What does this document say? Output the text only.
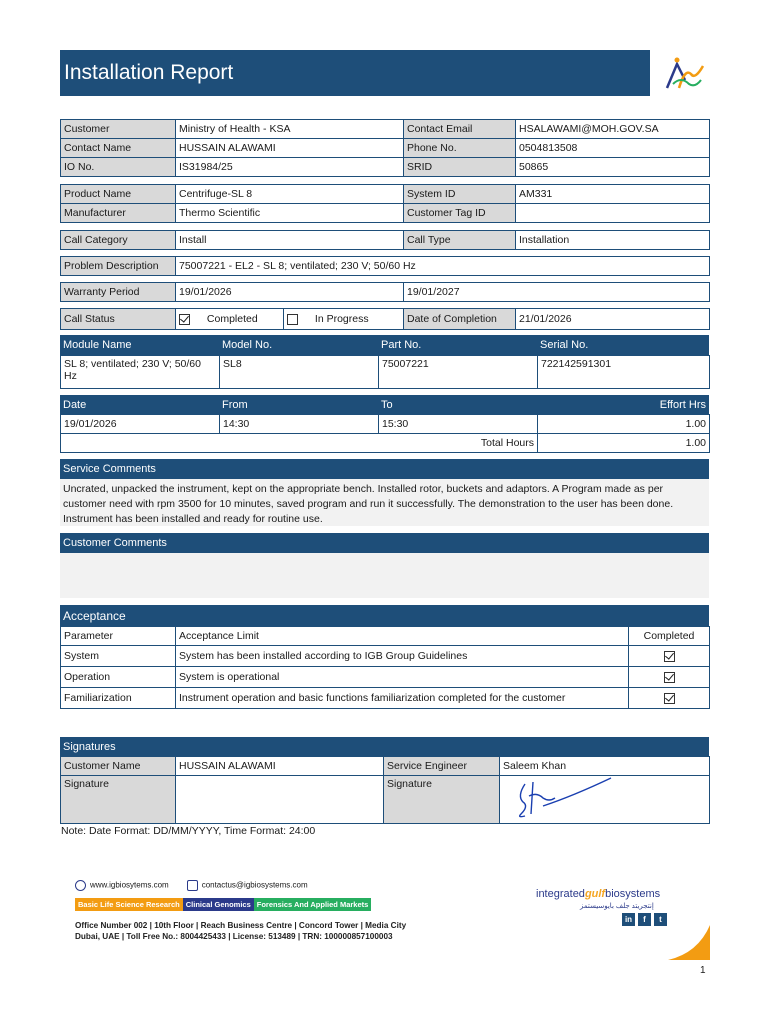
Installation Report
Customer	Ministry of Health - KSA	Contact Email	HSALAWAMI@MOH.GOV.SA
Contact Name	HUSSAIN ALAWAMI	Phone No.	0504813508
IO No.	IS31984/25	SRID	50865
Product Name	Centrifuge-SL 8	System ID	AM331
Manufacturer	Thermo Scientific	Customer Tag ID	
Call Category	Install	Call Type	Installation
Problem Description	75007221 - EL2 - SL 8; ventilated; 230 V; 50/60 Hz
Warranty Period	19/01/2026	19/01/2027
Call Status	Completed	In Progress	Date of Completion	21/01/2026
Module Name	Model No.	Part No.	Serial No.
SL 8; ventilated; 230 V; 50/60 Hz	SL8	75007221	722142591301
Date	From	To	Effort Hrs
19/01/2026	14:30	15:30	1.00
Total Hours			1.00
Service Comments
Uncrated, unpacked the instrument, kept on the appropriate bench. Installed rotor, buckets and adaptors. A Program made as per customer need with rpm 3500 for 10 minutes, saved program and run it successfully. The demonstration to the user has been done. Instrument has been installed and ready for routine use.
Customer Comments
Acceptance
Parameter	Acceptance Limit	Completed
System	System has been installed according to IGB Group Guidelines	
Operation	System is operational	
Familiarization	Instrument operation and basic functions familiarization completed for the customer	
Signatures
Customer Name	HUSSAIN ALAWAMI	Service Engineer	Saleem Khan
Signature		Signature	
Note: Date Format: DD/MM/YYYY, Time Format: 24:00
www.igbiosytems.com	contactus@igbiosystems.com
Basic Life Science Research Clinical Genomics Forensics And Applied Markets
Office Number 002 | 10th Floor | Reach Business Centre | Concord Tower | Media City
Dubai, UAE | Toll Free No.: 8004425433 | License: 513489 | TRN: 100000857100003
integratedgulfbiosystems
إنتجريتد جلف بايوسيستمز
in	f	t
1
